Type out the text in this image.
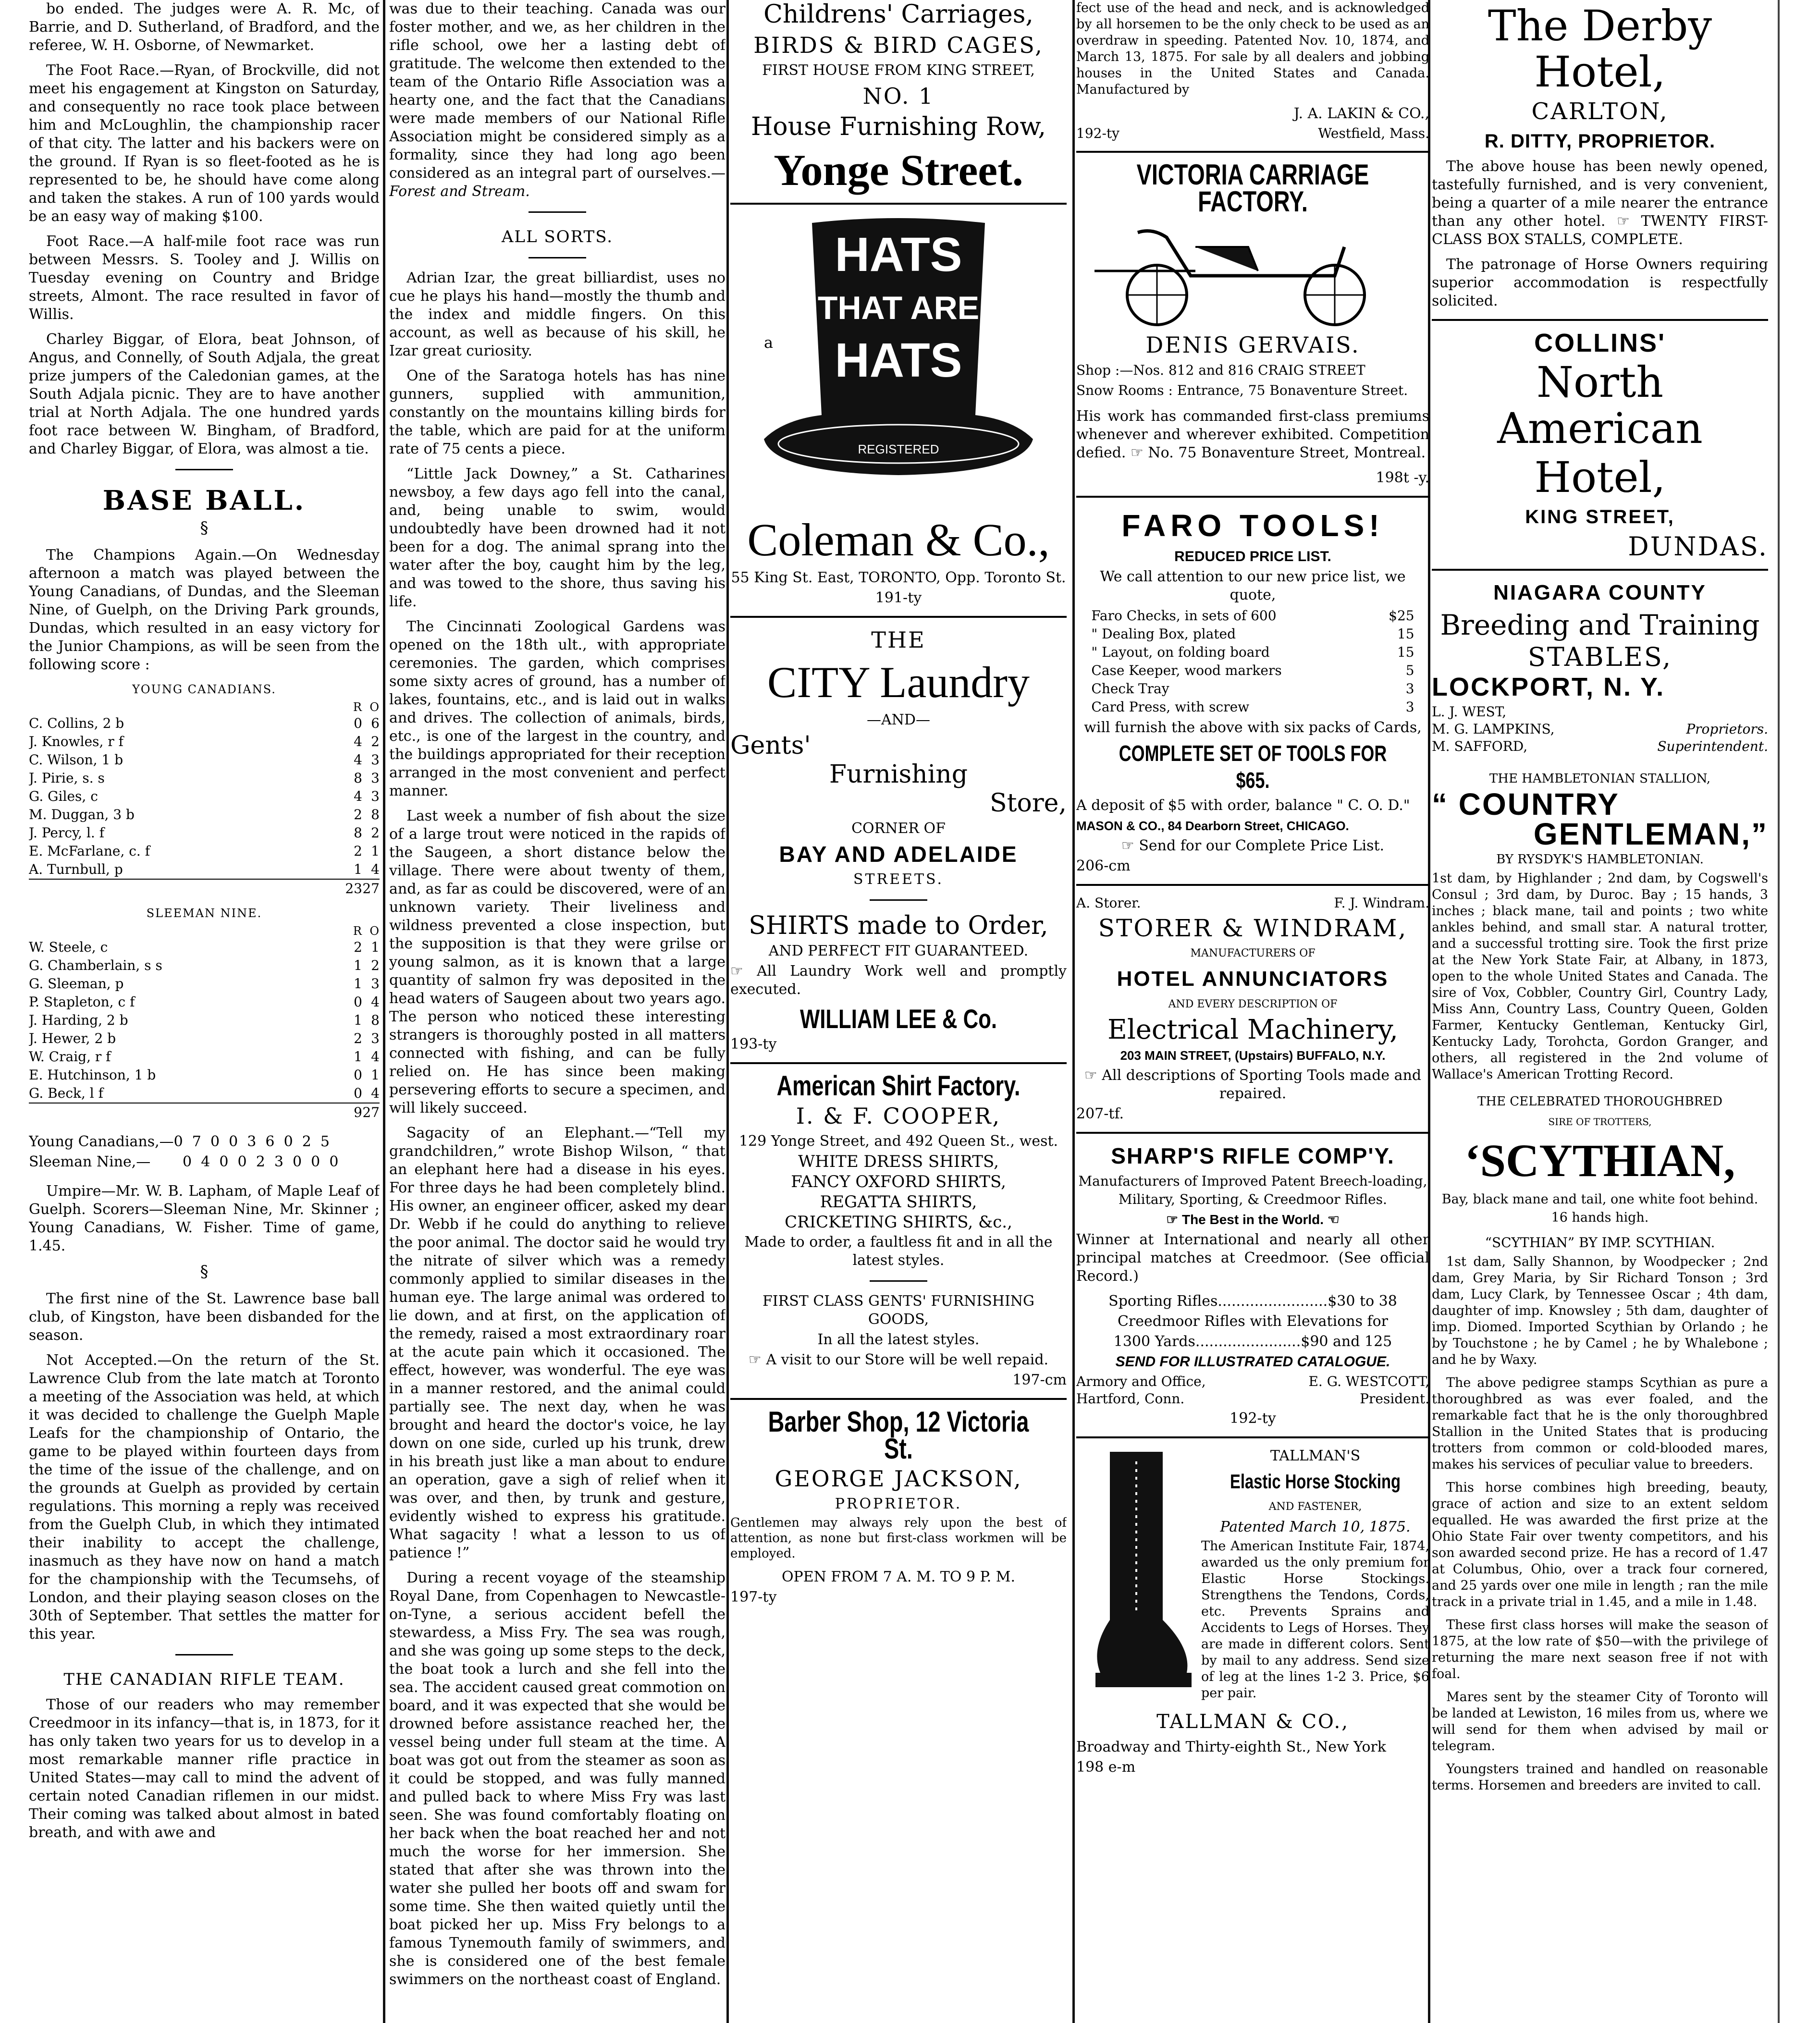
bo ended. The judges were A. R. Mc, of Barrie, and D. Sutherland, of Bradford, and the referee, W. H. Osborne, of Newmarket.

The Foot Race.—Ryan, of Brockville, did not meet his engagement at Kingston on Saturday, and consequently no race took place between him and McLoughlin, the championship racer of that city. The latter and his backers were on the ground. If Ryan is so fleet-footed as he is represented to be, he should have come along and taken the stakes. A run of 100 yards would be an easy way of making $100.

Foot Race.—A half-mile foot race was run between Messrs. S. Tooley and J. Willis on Tuesday evening on Country and Bridge streets, Almont. The race resulted in favor of Willis.

Charley Biggar, of Elora, beat Johnson, of Angus, and Connelly, of South Adjala, the great prize jumpers of the Caledonian games, at the South Adjala picnic. They are to have another trial at North Adjala. The one hundred yards foot race between W. Bingham, of Bradford, and Charley Biggar, of Elora, was almost a tie.

BASE BALL.
§

The Champions Again.—On Wednesday afternoon a match was played between the Young Canadians, of Dundas, and the Sleeman Nine, of Guelph, on the Driving Park grounds, Dundas, which resulted in an easy victory for the Junior Champions, as will be seen from the following score :

YOUNG CANADIANS.
	R	O
C. Collins, 2 b	0	6
J. Knowles, r f	4	2
C. Wilson, 1 b	4	3
J. Pirie, s. s	8	3
G. Giles, c	4	3
M. Duggan, 3 b	2	8
J. Percy, l. f	8	2
E. McFarlane, c. f	2	1
A. Turnbull, p	1	4
	23	27
SLEEMAN NINE.
	R	O
W. Steele, c	2	1
G. Chamberlain, s s	1	2
G. Sleeman, p	1	3
P. Stapleton, c f	0	4
J. Harding, 2 b	1	8
J. Hewer, 2 b	2	3
W. Craig, r f	1	4
E. Hutchinson, 1 b	0	1
G. Beck, l f	0	4
	9	27
Young Canadians,—0  7  0  0  3  6  0  2  5
Sleeman Nine,—       0  4  0  0  2  3  0  0  0

Umpire—Mr. W. B. Lapham, of Maple Leaf of Guelph. Scorers—Sleeman Nine, Mr. Skinner ; Young Canadians, W. Fisher. Time of game, 1.45.

§

The first nine of the St. Lawrence base ball club, of Kingston, have been disbanded for the season.

Not Accepted.—On the return of the St. Lawrence Club from the late match at Toronto a meeting of the Association was held, at which it was decided to challenge the Guelph Maple Leafs for the championship of Ontario, the game to be played within fourteen days from the time of the issue of the challenge, and on the grounds at Guelph as provided by certain regulations. This morning a reply was received from the Guelph Club, in which they intimated their inability to accept the challenge, inasmuch as they have now on hand a match for the championship with the Tecumsehs, of London, and their playing season closes on the 30th of September. That settles the matter for this year.

THE CANADIAN RIFLE TEAM.

Those of our readers who may remember Creedmoor in its infancy—that is, in 1873, for it has only taken two years for us to develop in a most remarkable manner rifle practice in United States—may call to mind the advent of certain noted Canadian riflemen in our midst. Their coming was talked about almost in bated breath, and with awe and

was due to their teaching. Canada was our foster mother, and we, as her children in the rifle school, owe her a lasting debt of gratitude. The welcome then extended to the team of the Ontario Rifle Association was a hearty one, and the fact that the Canadians were made members of our National Rifle Association might be considered simply as a formality, since they had long ago been considered as an integral part of ourselves.— Forest and Stream.

ALL SORTS.

Adrian Izar, the great billiardist, uses no cue he plays his hand—mostly the thumb and the index and middle fingers. On this account, as well as because of his skill, he Izar great curiosity.

One of the Saratoga hotels has has nine gunners, supplied with ammunition, constantly on the mountains killing birds for the table, which are paid for at the uniform rate of 75 cents a piece.

“Little Jack Downey,” a St. Catharines newsboy, a few days ago fell into the canal, and, being unable to swim, would undoubtedly have been drowned had it not been for a dog. The animal sprang into the water after the boy, caught him by the leg, and was towed to the shore, thus saving his life.

The Cincinnati Zoological Gardens was opened on the 18th ult., with appropriate ceremonies. The garden, which comprises some sixty acres of ground, has a number of lakes, fountains, etc., and is laid out in walks and drives. The collection of animals, birds, etc., is one of the largest in the country, and the buildings appropriated for their reception arranged in the most convenient and perfect manner.

Last week a number of fish about the size of a large trout were noticed in the rapids of the Saugeen, a short distance below the village. There were about twenty of them, and, as far as could be discovered, were of an unknown variety. Their liveliness and wildness prevented a close inspection, but the supposition is that they were grilse or young salmon, as it is known that a large quantity of salmon fry was deposited in the head waters of Saugeen about two years ago. The person who noticed these interesting strangers is thoroughly posted in all matters connected with fishing, and can be fully relied on. He has since been making persevering efforts to secure a specimen, and will likely succeed.

Sagacity of an Elephant.—“Tell my grandchildren,” wrote Bishop Wilson, “ that an elephant here had a disease in his eyes. For three days he had been completely blind. His owner, an engineer officer, asked my dear Dr. Webb if he could do anything to relieve the poor animal. The doctor said he would try the nitrate of silver which was a remedy commonly applied to similar diseases in the human eye. The large animal was ordered to lie down, and at first, on the application of the remedy, raised a most extraordinary roar at the acute pain which it occasioned. The effect, however, was wonderful. The eye was in a manner restored, and the animal could partially see. The next day, when he was brought and heard the doctor's voice, he lay down on one side, curled up his trunk, drew in his breath just like a man about to endure an operation, gave a sigh of relief when it was over, and then, by trunk and gesture, evidently wished to express his gratitude. What sagacity ! what a lesson to us of patience !”

During a recent voyage of the steamship Royal Dane, from Copenhagen to Newcastle-on-Tyne, a serious accident befell the stewardess, a Miss Fry. The sea was rough, and she was going up some steps to the deck, the boat took a lurch and she fell into the sea. The accident caused great commotion on board, and it was expected that she would be drowned before assistance reached her, the vessel being under full steam at the time. A boat was got out from the steamer as soon as it could be stopped, and was fully manned and pulled back to where Miss Fry was last seen. She was found comfortably floating on her back when the boat reached her and not much the worse for her immersion. She stated that after she was thrown into the water she pulled her boots off and swam for some time. She then waited quietly until the boat picked her up. Miss Fry belongs to a famous Tynemouth family of swimmers, and she is considered one of the best female swimmers on the northeast coast of England.

Childrens' Carriages,

BIRDS & BIRD CAGES,

FIRST HOUSE FROM KING STREET,

NO. 1

House Furnishing Row,

Yonge Street.

a
HATS
THAT ARE
HATS
REGISTERED

Coleman & Co.,

55 King St. East, TORONTO, Opp. Toronto St.

191-ty

THE

CITY Laundry

—AND—

Gents'

Furnishing

Store,

CORNER OF

BAY AND ADELAIDE

STREETS.

SHIRTS made to Order,

AND PERFECT FIT GUARANTEED.

☞ All Laundry Work well and promptly executed.

WILLIAM LEE & Co.

193-ty

American Shirt Factory.

I. & F. COOPER,

129 Yonge Street, and 492 Queen St., west.

WHITE DRESS SHIRTS,

FANCY OXFORD SHIRTS,

REGATTA SHIRTS,

CRICKETING SHIRTS, &c.,

Made to order, a faultless fit and in all the latest styles.

FIRST CLASS GENTS' FURNISHING GOODS,

In all the latest styles.

☞ A visit to our Store will be well repaid.

197-cm

Barber Shop, 12 Victoria St.

GEORGE JACKSON,

PROPRIETOR.

Gentlemen may always rely upon the best of attention, as none but first-class workmen will be employed.

OPEN FROM 7 A. M. TO 9 P. M.

197-ty

fect use of the head and neck, and is acknowledged by all horsemen to be the only check to be used as an overdraw in speeding. Patented Nov. 10, 1874, and March 13, 1875. For sale by all dealers and jobbing houses in the United States and Canada. Manufactured by

J. A. LAKIN & CO.,

192-ty	Westfield, Mass.

VICTORIA CARRIAGE FACTORY.

DENIS GERVAIS.

Shop :—Nos. 812 and 816 CRAIG STREET

Snow Rooms : Entrance, 75 Bonaventure Street.

His work has commanded first-class premiums whenever and wherever exhibited. Competition defied. ☞ No. 75 Bonaventure Street, Montreal.

198t -y.

FARO TOOLS!

REDUCED PRICE LIST.

We call attention to our new price list, we quote,

Faro Checks, in sets of 600	$25
" Dealing Box, plated	15
" Layout, on folding board	15
Case Keeper, wood markers	5
Check Tray	3
Card Press, with screw	3

will furnish the above with six packs of Cards,

COMPLETE SET OF TOOLS FOR $65.

A deposit of $5 with order, balance " C. O. D."

MASON & CO., 84 Dearborn Street, CHICAGO.

☞ Send for our Complete Price List.

206-cm

A. Storer.	F. J. Windram.

STORER & WINDRAM,

MANUFACTURERS OF

HOTEL ANNUNCIATORS

AND EVERY DESCRIPTION OF

Electrical Machinery,

203 MAIN STREET, (Upstairs) BUFFALO, N.Y.

☞ All descriptions of Sporting Tools made and repaired.

207-tf.

SHARP'S RIFLE COMP'Y.

Manufacturers of Improved Patent Breech-loading, Military, Sporting, & Creedmoor Rifles.

☞ The Best in the World. ☜

Winner at International and nearly all other principal matches at Creedmoor. (See official Record.)

Sporting Rifles........................$30 to 38

Creedmoor Rifles with Elevations for

1300 Yards.......................$90 and 125

SEND FOR ILLUSTRATED CATALOGUE.

Armory and Office,	E. G. WESTCOTT,
Hartford, Conn.	President.

192-ty

TALLMAN'S

Elastic Horse Stocking

AND FASTENER,

Patented March 10, 1875.

The American Institute Fair, 1874, awarded us the only premium for Elastic Horse Stockings. Strengthens the Tendons, Cords, etc. Prevents Sprains and Accidents to Legs of Horses. They are made in different colors. Sent by mail to any address. Send size of leg at the lines 1-2 3. Price, $6 per pair.

TALLMAN & CO.,

Broadway and Thirty-eighth St., New York

198 e-m

The Derby Hotel,

CARLTON,

R. DITTY, PROPRIETOR.

The above house has been newly opened, tastefully furnished, and is very convenient, being a quarter of a mile nearer the entrance than any other hotel. ☞ TWENTY FIRST-CLASS BOX STALLS, COMPLETE.

The patronage of Horse Owners requiring superior accommodation is respectfully solicited.

COLLINS'

North American

Hotel,

KING STREET,

DUNDAS.

NIAGARA COUNTY

Breeding and Training

STABLES,

LOCKPORT, N. Y.

L. J. WEST,
M. G. LAMPKINS,	Proprietors.
M. SAFFORD,	Superintendent.

THE HAMBLETONIAN STALLION,

“ COUNTRY

GENTLEMAN,”

BY RYSDYK'S HAMBLETONIAN.

1st dam, by Highlander ; 2nd dam, by Cogswell's Consul ; 3rd dam, by Duroc. Bay ; 15 hands, 3 inches ; black mane, tail and points ; two white ankles behind, and small star. A natural trotter, and a successful trotting sire. Took the first prize at the New York State Fair, at Albany, in 1873, open to the whole United States and Canada. The sire of Vox, Cobbler, Country Girl, Country Lady, Miss Ann, Country Lass, Country Queen, Golden Farmer, Kentucky Gentleman, Kentucky Girl, Kentucky Lady, Torohcta, Gordon Granger, and others, all registered in the 2nd volume of Wallace's American Trotting Record.

THE CELEBRATED THOROUGHBRED

SIRE OF TROTTERS,

‘SCYTHIAN,

Bay, black mane and tail, one white foot behind. 16 hands high.

“SCYTHIAN” BY IMP. SCYTHIAN.

1st dam, Sally Shannon, by Woodpecker ; 2nd dam, Grey Maria, by Sir Richard Tonson ; 3rd dam, Lucy Clark, by Tennessee Oscar ; 4th dam, daughter of imp. Knowsley ; 5th dam, daughter of imp. Diomed. Imported Scythian by Orlando ; he by Touchstone ; he by Camel ; he by Whalebone ; and he by Waxy.

The above pedigree stamps Scythian as pure a thoroughbred as was ever foaled, and the remarkable fact that he is the only thoroughbred Stallion in the United States that is producing trotters from common or cold-blooded mares, makes his services of peculiar value to breeders.

This horse combines high breeding, beauty, grace of action and size to an extent seldom equalled. He was awarded the first prize at the Ohio State Fair over twenty competitors, and his son awarded second prize. He has a record of 1.47 at Columbus, Ohio, over a track four cornered, and 25 yards over one mile in length ; ran the mile track in a private trial in 1.45, and a mile in 1.48.

These first class horses will make the season of 1875, at the low rate of $50—with the privilege of returning the mare next season free if not with foal.

Mares sent by the steamer City of Toronto will be landed at Lewiston, 16 miles from us, where we will send for them when advised by mail or telegram.

Youngsters trained and handled on reasonable terms. Horsemen and breeders are invited to call.
